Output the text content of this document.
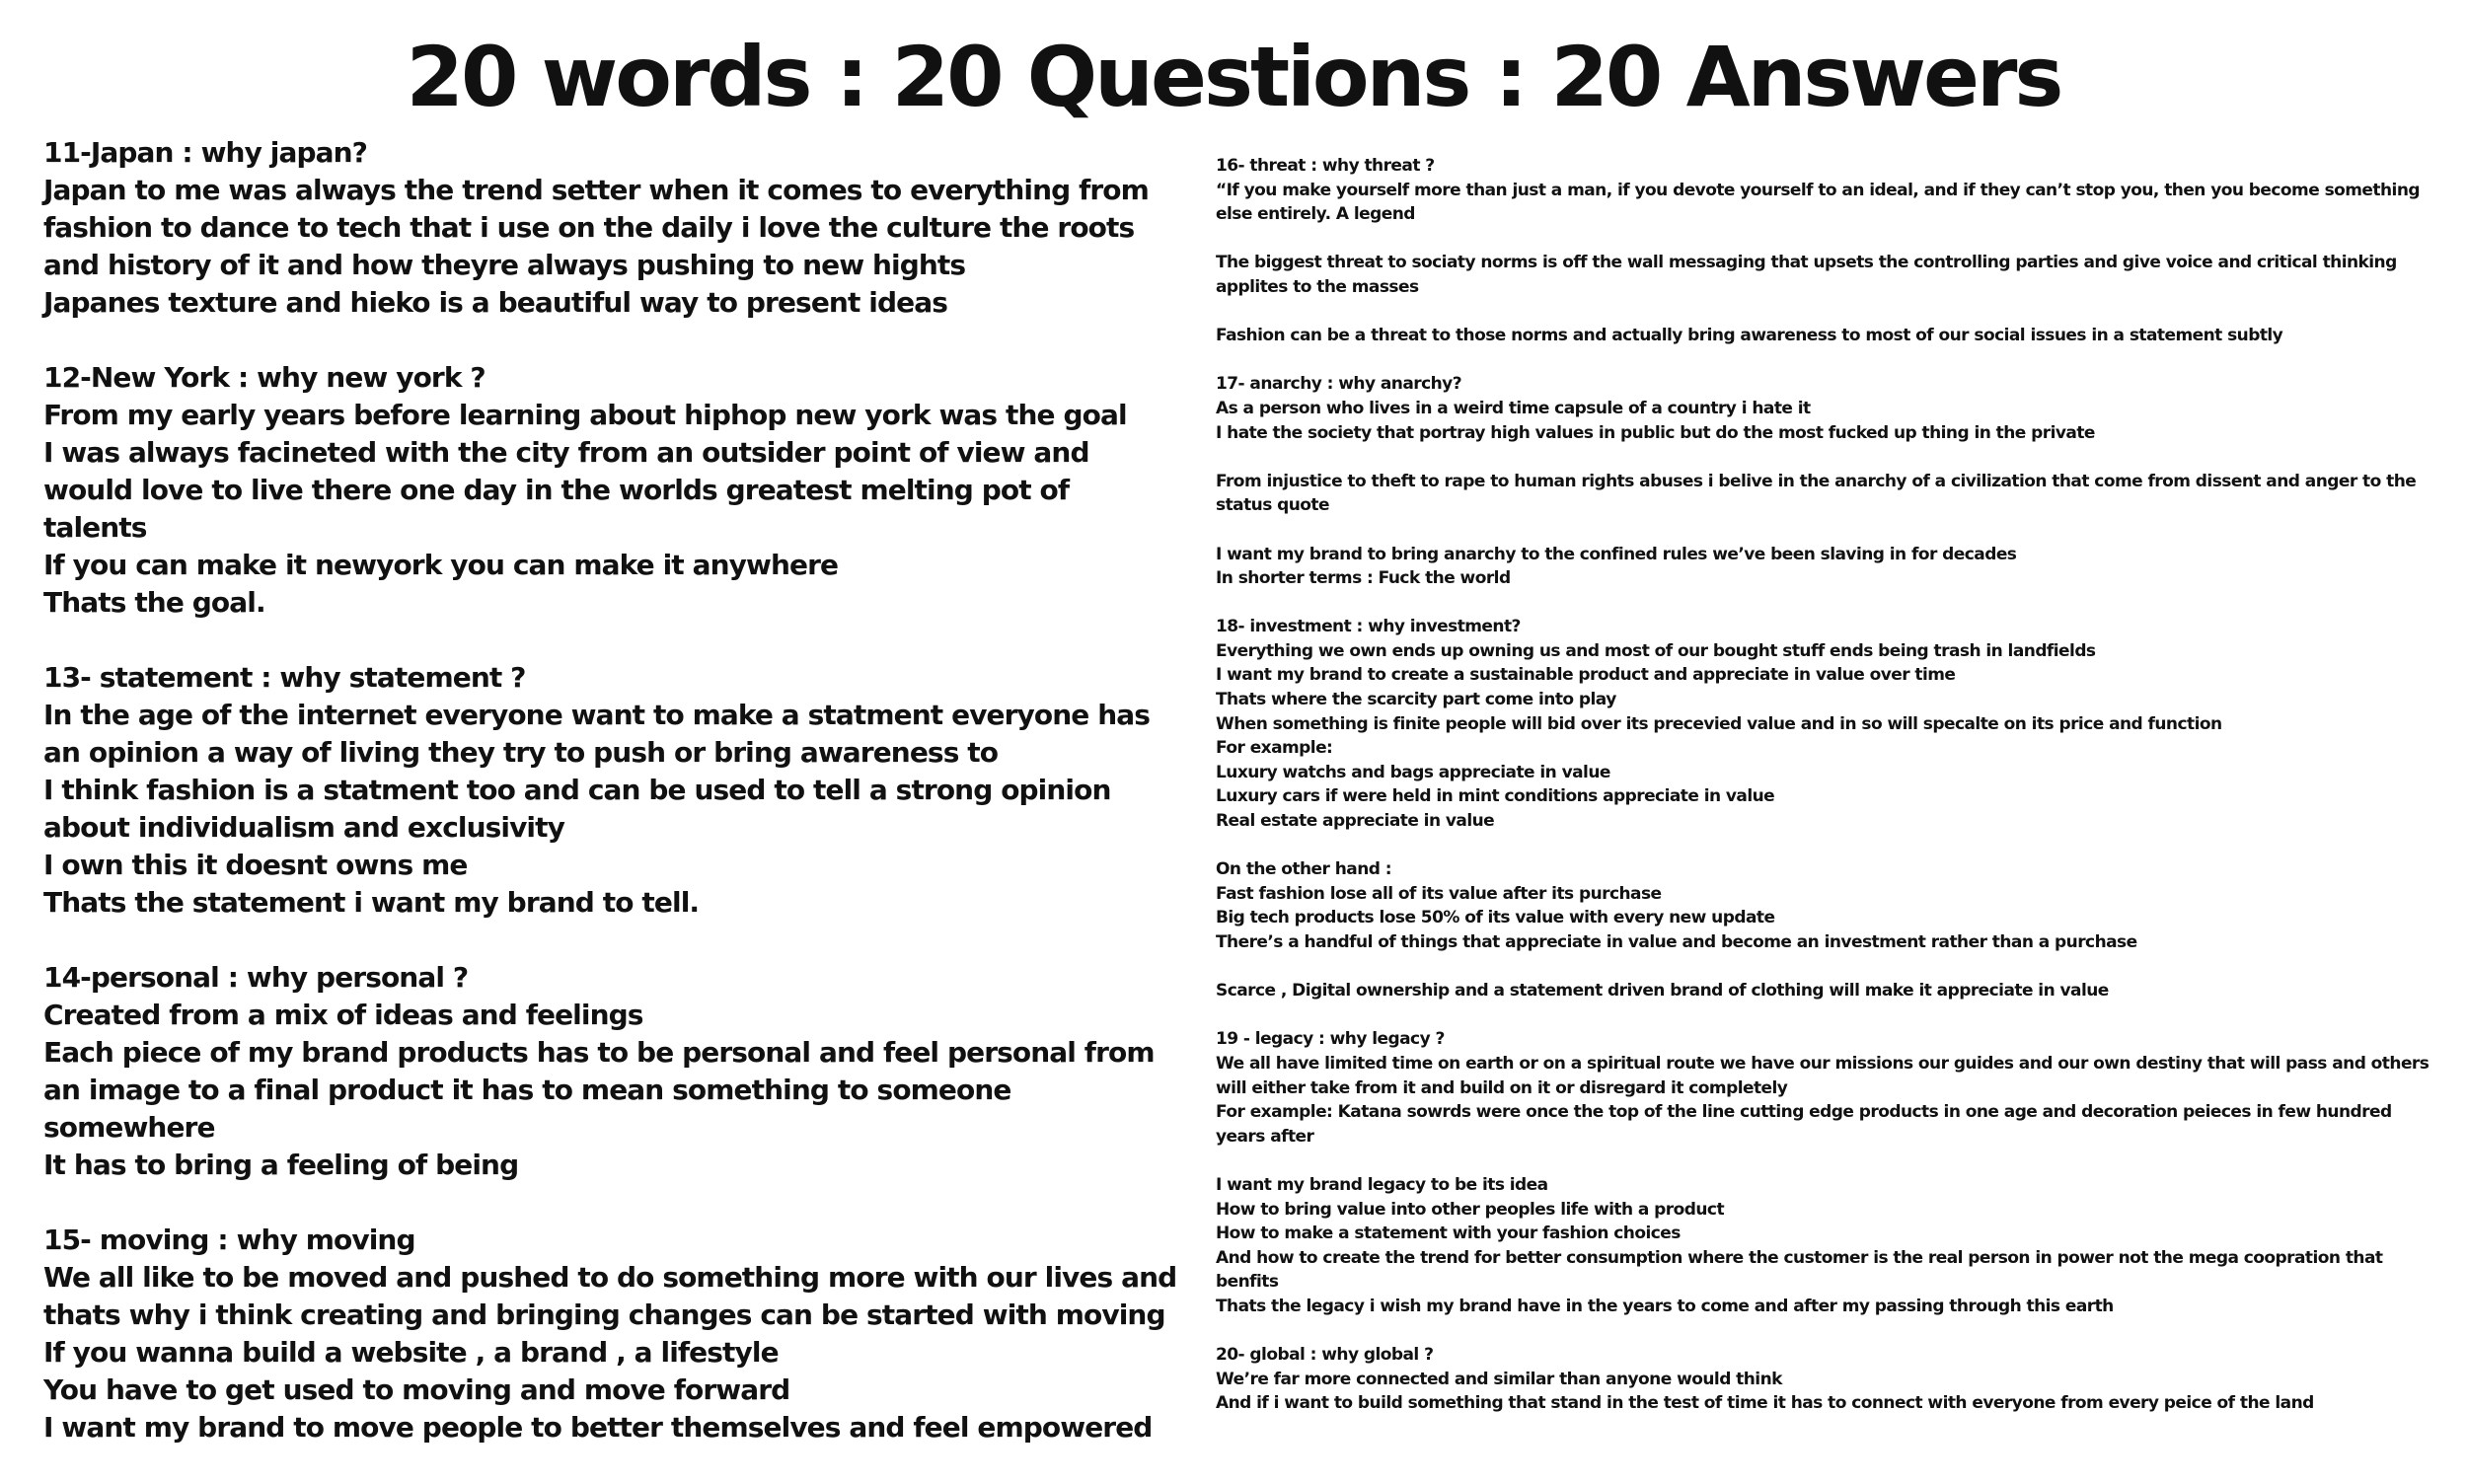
20 words : 20 Questions : 20 Answers
11-Japan : why japan?
Japan to me was always the trend setter when it comes to everything from fashion to dance to tech that i use on the daily i love the culture the roots and history of it and how theyre always pushing to new hights
Japanes texture and hieko is a beautiful way to present ideas
12-New York : why new york ?
From my early years before learning about hiphop new york was the goal
I was always facineted with the city from an outsider point of view and would love to live there one day in the worlds greatest melting pot of talents
If you can make it newyork you can make it anywhere
Thats the goal.
13- statement : why statement ?
In the age of the internet everyone want to make a statment everyone has an opinion a way of living they try to push or bring awareness to
I think fashion is a statment too and can be used to tell a strong opinion about individualism and exclusivity
I own this it doesnt owns me
Thats the statement i want my brand to tell.
14-personal : why personal ?
Created from a mix of ideas and feelings
Each piece of my brand products has to be personal and feel personal from an image to a final product it has to mean something to someone somewhere
It has to bring a feeling of being
15- moving : why moving
We all like to be moved and pushed to do something more with our lives and thats why i think creating and bringing changes can be started with moving
If you wanna build a website , a brand , a lifestyle
You have to get used to moving and move forward
I want my brand to move people to better themselves and feel empowered
16- threat : why threat ?
“If you make yourself more than just a man, if you devote yourself to an ideal, and if they can’t stop you, then you become something else entirely. A legend
The biggest threat to sociaty norms is off the wall messaging that upsets the controlling parties and give voice and critical thinking applites to the masses
Fashion can be a threat to those norms and actually bring awareness to most of our social issues in a statement subtly
17- anarchy : why anarchy?
As a person who lives in a weird time capsule of a country i hate it
I hate the society that portray high values in public but do the most fucked up thing in the private
From injustice to theft to rape to human rights abuses i belive in the anarchy of a civilization that come from dissent and anger to the status quote
I want my brand to bring anarchy to the confined rules we’ve been slaving in for decades
In shorter terms : Fuck the world
18- investment : why investment?
Everything we own ends up owning us and most of our bought stuff ends being trash in landfields
I want my brand to create a sustainable product and appreciate in value over time
Thats where the scarcity part come into play
When something is finite people will bid over its precevied value and in so will specalte on its price and function
For example:
Luxury watchs and bags appreciate in value
Luxury cars if were held in mint conditions appreciate in value
Real estate appreciate in value
On the other hand :
Fast fashion lose all of its value after its purchase
Big tech products lose 50% of its value with every new update
There’s a handful of things that appreciate in value and become an investment rather than a purchase
Scarce , Digital ownership and a statement driven brand of clothing will make it appreciate in value
19 - legacy : why legacy ?
We all have limited time on earth or on a spiritual route we have our missions our guides and our own destiny that will pass and others will either take from it and build on it or disregard it completely
For example: Katana sowrds were once the top of the line cutting edge products in one age and decoration peieces in few hundred years after
I want my brand legacy to be its idea
How to bring value into other peoples life with a product
How to make a statement with your fashion choices
And how to create the trend for better consumption where the customer is the real person in power not the mega coopration that benfits
Thats the legacy i wish my brand have in the years to come and after my passing through this earth
20- global : why global ?
We’re far more connected and similar than anyone would think
And if i want to build something that stand in the test of time it has to connect with everyone from every peice of the land
